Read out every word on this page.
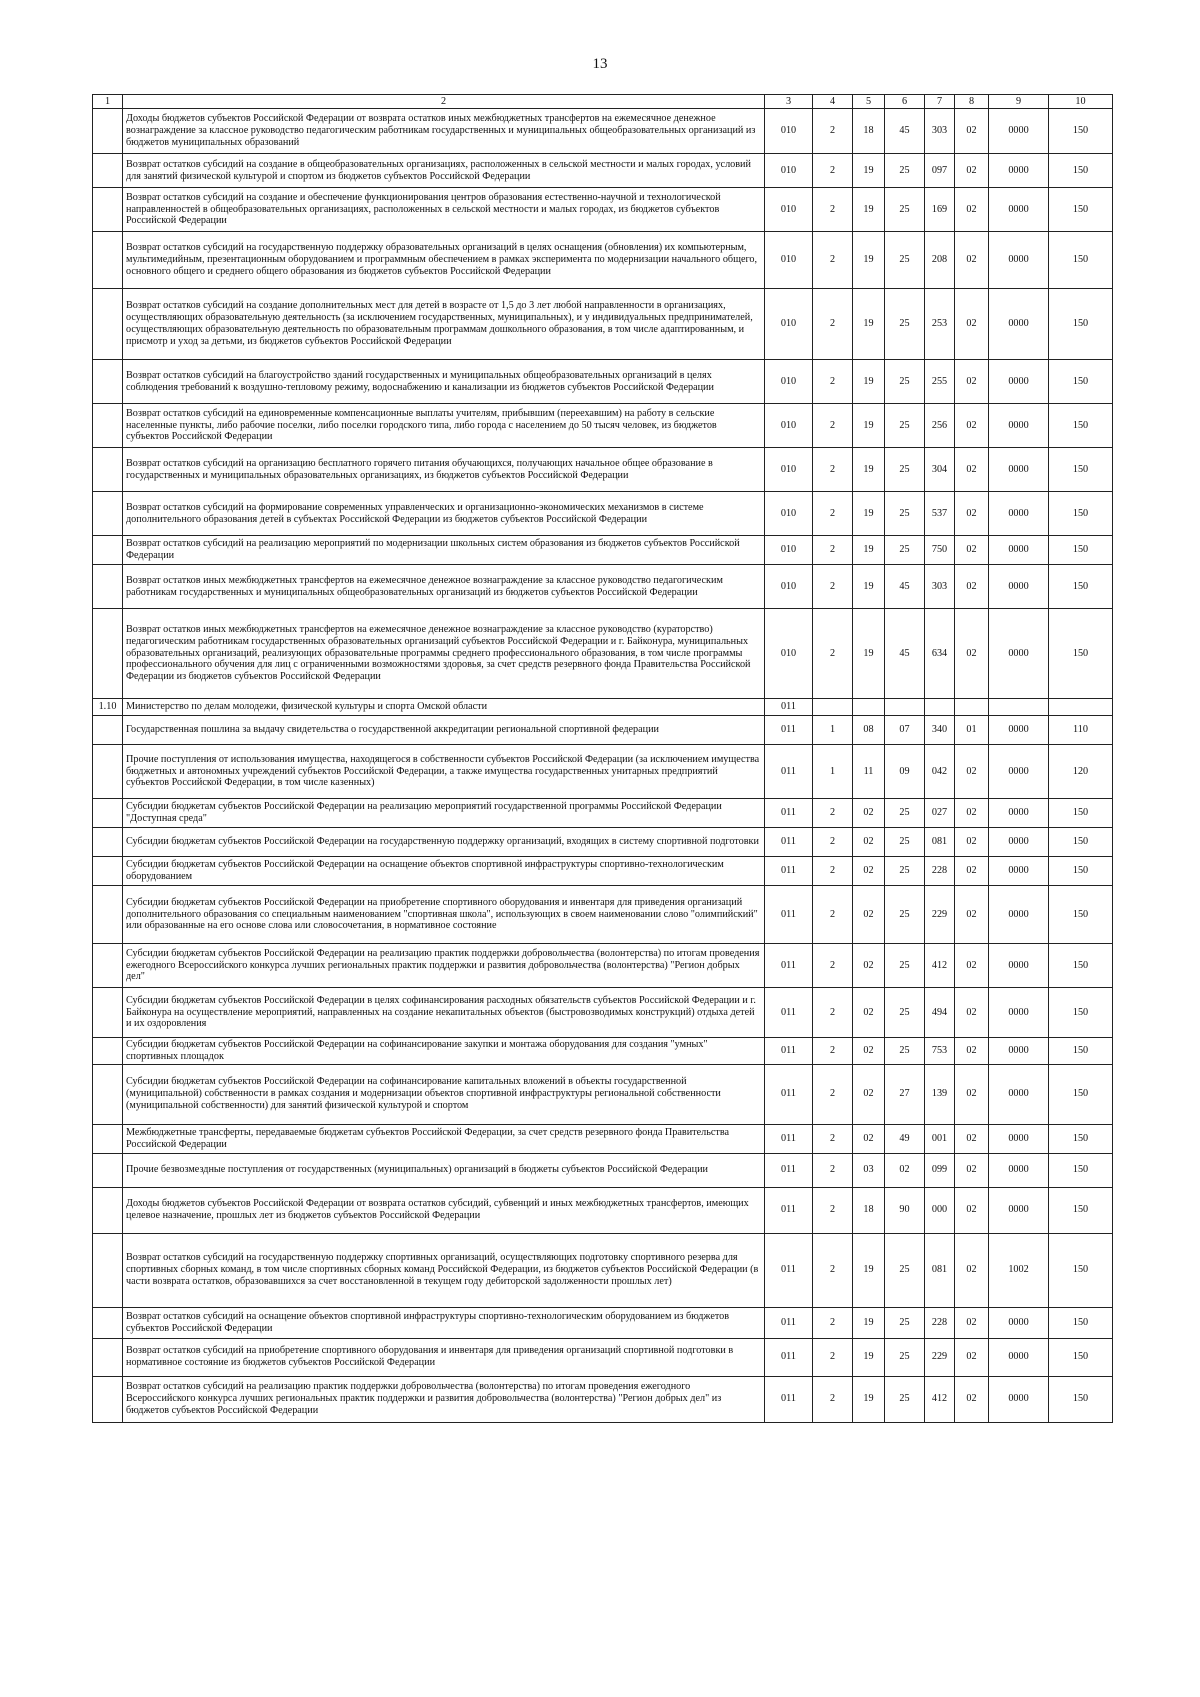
13
1	2	3	4	5	6	7	8	9	10
	Доходы бюджетов субъектов Российской Федерации от возврата остатков иных межбюджетных трансфертов на ежемесячное денежное вознаграждение за классное руководство педагогическим работникам государственных и муниципальных общеобразовательных организаций из бюджетов муниципальных образований	010	2	18	45	303	02	0000	150
	Возврат остатков субсидий на создание в общеобразовательных организациях, расположенных в сельской местности и малых городах, условий для занятий физической культурой и спортом из бюджетов субъектов Российской Федерации	010	2	19	25	097	02	0000	150
	Возврат остатков субсидий на создание и обеспечение функционирования центров образования естественно-научной и технологической направленностей в общеобразовательных организациях, расположенных в сельской местности и малых городах, из бюджетов субъектов Российской Федерации	010	2	19	25	169	02	0000	150
	Возврат остатков субсидий на государственную поддержку образовательных организаций в целях оснащения (обновления) их компьютерным, мультимедийным, презентационным оборудованием и программным обеспечением в рамках эксперимента по модернизации начального общего, основного общего и среднего общего образования из бюджетов субъектов Российской Федерации	010	2	19	25	208	02	0000	150
	Возврат остатков субсидий на создание дополнительных мест для детей в возрасте от 1,5 до 3 лет любой направленности в организациях, осуществляющих образовательную деятельность (за исключением государственных, муниципальных), и у индивидуальных предпринимателей, осуществляющих образовательную деятельность по образовательным программам дошкольного образования, в том числе адаптированным, и присмотр и уход за детьми, из бюджетов субъектов Российской Федерации	010	2	19	25	253	02	0000	150
	Возврат остатков субсидий на благоустройство зданий государственных и муниципальных общеобразовательных организаций в целях соблюдения требований к воздушно-тепловому режиму, водоснабжению и канализации из бюджетов субъектов Российской Федерации	010	2	19	25	255	02	0000	150
	Возврат остатков субсидий на единовременные компенсационные выплаты учителям, прибывшим (переехавшим) на работу в сельские населенные пункты, либо рабочие поселки, либо поселки городского типа, либо города с населением до 50 тысяч человек, из бюджетов субъектов Российской Федерации	010	2	19	25	256	02	0000	150
	Возврат остатков субсидий на организацию бесплатного горячего питания обучающихся, получающих начальное общее образование в государственных и муниципальных образовательных организациях, из бюджетов субъектов Российской Федерации	010	2	19	25	304	02	0000	150
	Возврат остатков субсидий на формирование современных управленческих и организационно-экономических механизмов в системе дополнительного образования детей в субъектах Российской Федерации из бюджетов субъектов Российской Федерации	010	2	19	25	537	02	0000	150
	Возврат остатков субсидий на реализацию мероприятий по модернизации школьных систем образования из бюджетов субъектов Российской Федерации	010	2	19	25	750	02	0000	150
	Возврат остатков иных межбюджетных трансфертов на ежемесячное денежное вознаграждение за классное руководство педагогическим работникам государственных и муниципальных общеобразовательных организаций из бюджетов субъектов Российской Федерации	010	2	19	45	303	02	0000	150
	Возврат остатков иных межбюджетных трансфертов на ежемесячное денежное вознаграждение за классное руководство (кураторство) педагогическим работникам государственных образовательных организаций субъектов Российской Федерации и г. Байконура, муниципальных образовательных организаций, реализующих образовательные программы среднего профессионального образования, в том числе программы профессионального обучения для лиц с ограниченными возможностями здоровья, за счет средств резервного фонда Правительства Российской Федерации из бюджетов субъектов Российской Федерации	010	2	19	45	634	02	0000	150
1.10	Министерство по делам молодежи, физической культуры и спорта Омской области	011							
	Государственная пошлина за выдачу свидетельства о государственной аккредитации региональной спортивной федерации	011	1	08	07	340	01	0000	110
	Прочие поступления от использования имущества, находящегося в собственности субъектов Российской Федерации (за исключением имущества бюджетных и автономных учреждений субъектов Российской Федерации, а также имущества государственных унитарных предприятий субъектов Российской Федерации, в том числе казенных)	011	1	11	09	042	02	0000	120
	Субсидии бюджетам субъектов Российской Федерации на реализацию мероприятий государственной программы Российской Федерации "Доступная среда"	011	2	02	25	027	02	0000	150
	Субсидии бюджетам субъектов Российской Федерации на государственную поддержку организаций, входящих в систему спортивной подготовки	011	2	02	25	081	02	0000	150
	Субсидии бюджетам субъектов Российской Федерации на оснащение объектов спортивной инфраструктуры спортивно-технологическим оборудованием	011	2	02	25	228	02	0000	150
	Субсидии бюджетам субъектов Российской Федерации на приобретение спортивного оборудования и инвентаря для приведения организаций дополнительного образования со специальным наименованием "спортивная школа", использующих в своем наименовании слово "олимпийский" или образованные на его основе слова или словосочетания, в нормативное состояние	011	2	02	25	229	02	0000	150
	Субсидии бюджетам субъектов Российской Федерации на реализацию практик поддержки добровольчества (волонтерства) по итогам проведения ежегодного Всероссийского конкурса лучших региональных практик поддержки и развития добровольчества (волонтерства) "Регион добрых дел"	011	2	02	25	412	02	0000	150
	Субсидии бюджетам субъектов Российской Федерации в целях софинансирования расходных обязательств субъектов Российской Федерации и г. Байконура на осуществление мероприятий, направленных на создание некапитальных объектов (быстровозводимых конструкций) отдыха детей и их оздоровления	011	2	02	25	494	02	0000	150
	Субсидии бюджетам субъектов Российской Федерации на софинансирование закупки и монтажа оборудования для создания "умных" спортивных площадок	011	2	02	25	753	02	0000	150
	Субсидии бюджетам субъектов Российской Федерации на софинансирование капитальных вложений в объекты государственной (муниципальной) собственности в рамках создания и модернизации объектов спортивной инфраструктуры региональной собственности (муниципальной собственности) для занятий физической культурой и спортом	011	2	02	27	139	02	0000	150
	Межбюджетные трансферты, передаваемые бюджетам субъектов Российской Федерации, за счет средств резервного фонда Правительства Российской Федерации	011	2	02	49	001	02	0000	150
	Прочие безвозмездные поступления от государственных (муниципальных) организаций в бюджеты субъектов Российской Федерации	011	2	03	02	099	02	0000	150
	Доходы бюджетов субъектов Российской Федерации от возврата остатков субсидий, субвенций и иных межбюджетных трансфертов, имеющих целевое назначение, прошлых лет из бюджетов субъектов Российской Федерации	011	2	18	90	000	02	0000	150
	Возврат остатков субсидий на государственную поддержку спортивных организаций, осуществляющих подготовку спортивного резерва для спортивных сборных команд, в том числе спортивных сборных команд Российской Федерации, из бюджетов субъектов Российской Федерации (в части возврата остатков, образовавшихся за счет восстановленной в текущем году дебиторской задолженности прошлых лет)	011	2	19	25	081	02	1002	150
	Возврат остатков субсидий на оснащение объектов спортивной инфраструктуры спортивно-технологическим оборудованием из бюджетов субъектов Российской Федерации	011	2	19	25	228	02	0000	150
	Возврат остатков субсидий на приобретение спортивного оборудования и инвентаря для приведения организаций спортивной подготовки в нормативное состояние из бюджетов субъектов Российской Федерации	011	2	19	25	229	02	0000	150
	Возврат остатков субсидий на реализацию практик поддержки добровольчества (волонтерства) по итогам проведения ежегодного Всероссийского конкурса лучших региональных практик поддержки и развития добровольчества (волонтерства) "Регион добрых дел" из бюджетов субъектов Российской Федерации	011	2	19	25	412	02	0000	150
